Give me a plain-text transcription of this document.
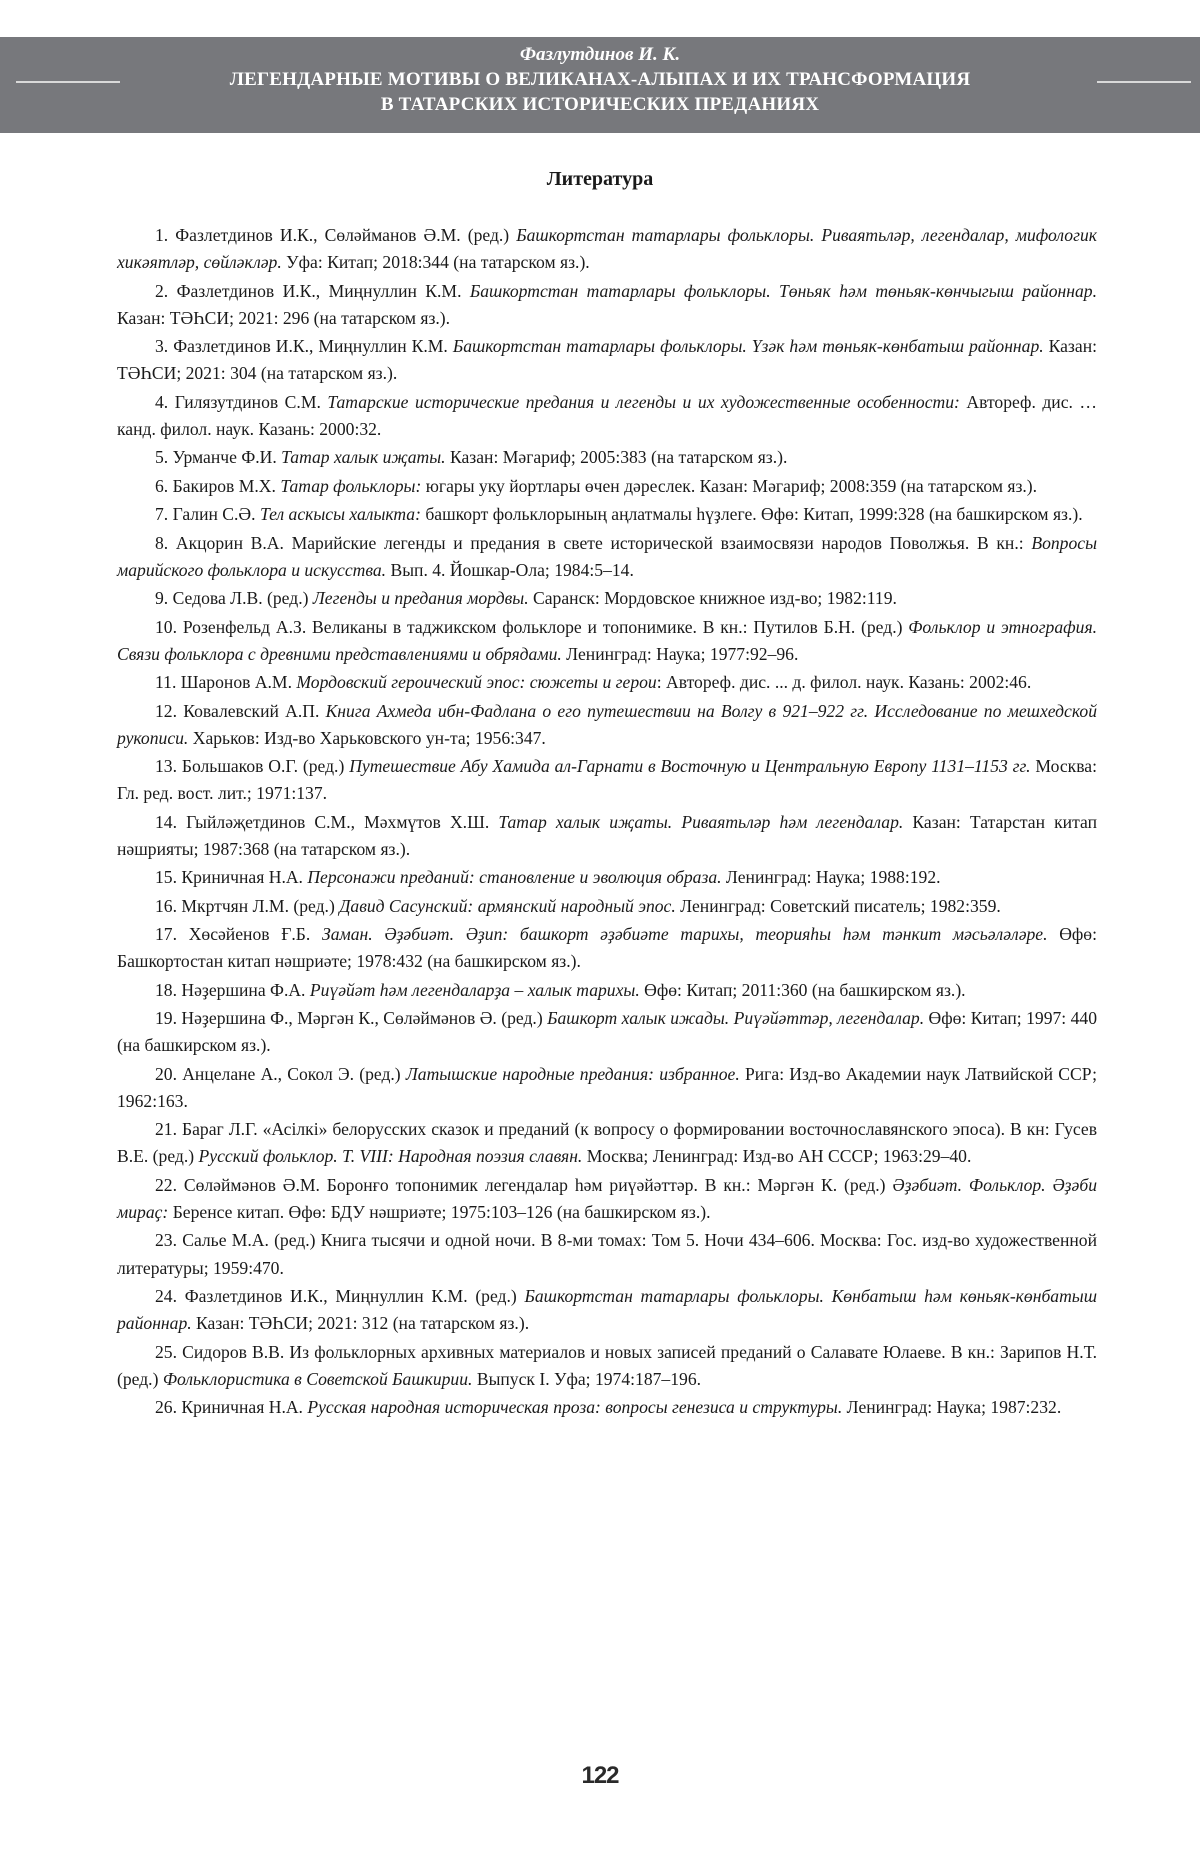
Фазлутдинов И. К.
ЛЕГЕНДАРНЫЕ МОТИВЫ О ВЕЛИКАНАХ-АЛЫПАХ И ИХ ТРАНСФОРМАЦИЯ
В ТАТАРСКИХ ИСТОРИЧЕСКИХ ПРЕДАНИЯХ
Литература

1. Фазлетдинов И.К., Сөләйманов Ә.М. (ред.) Башкортстан татарлары фольклоры. Риваятьләр, легендалар, мифологик хикәятләр, сөйләкләр. Уфа: Китап; 2018:344 (на татарском яз.).

2. Фазлетдинов И.К., Миңнуллин К.М. Башкортстан татарлары фольклоры. Төньяк һәм төньяк-көнчыгыш районнар. Казан: ТӘҺСИ; 2021: 296 (на татарском яз.).

3. Фазлетдинов И.К., Миңнуллин К.М. Башкортстан татарлары фольклоры. Үзәк һәм төньяк-көнбатыш районнар. Казан: ТӘҺСИ; 2021: 304 (на татарском яз.).

4. Гилязутдинов С.М. Татарские исторические предания и легенды и их художественные особенности: Автореф. дис. … канд. филол. наук. Казань: 2000:32.

5. Урманче Ф.И. Татар халык иҗаты. Казан: Мәгариф; 2005:383 (на татарском яз.).

6. Бакиров М.Х. Татар фольклоры: югары уку йортлары өчен дәреслек. Казан: Мәгариф; 2008:359 (на татарском яз.).

7. Галин С.Ә. Тел аскысы халыкта: башкорт фольклорының аңлатмалы һүҙлеге. Өфө: Китап, 1999:328 (на башкирском яз.).

8. Акцорин В.А. Марийские легенды и предания в свете исторической взаимосвязи народов Поволжья. В кн.: Вопросы марийского фольклора и искусства. Вып. 4. Йошкар-Ола; 1984:5–14.

9. Седова Л.В. (ред.) Легенды и предания мордвы. Саранск: Мордовское книжное изд-во; 1982:119.

10. Розенфельд А.З. Великаны в таджикском фольклоре и топонимике. В кн.: Путилов Б.Н. (ред.) Фольклор и этнография. Связи фольклора с древними представлениями и обрядами. Ленинград: Наука; 1977:92–96.

11. Шаронов А.М. Мордовский героический эпос: сюжеты и герои: Автореф. дис. ... д. филол. наук. Казань: 2002:46.

12. Ковалевский А.П. Книга Ахмеда ибн-Фадлана о его путешествии на Волгу в 921–922 гг. Исследование по мешхедской рукописи. Харьков: Изд-во Харьковского ун-та; 1956:347.

13. Большаков О.Г. (ред.) Путешествие Абу Хамида ал-Гарнати в Восточную и Центральную Европу 1131–1153 гг. Москва: Гл. ред. вост. лит.; 1971:137.

14. Гыйләҗетдинов С.М., Мәхмүтов Х.Ш. Татар халык иҗаты. Риваятьләр һәм легендалар. Казан: Татарстан китап нәшрияты; 1987:368 (на татарском яз.).

15. Криничная Н.А. Персонажи преданий: становление и эволюция образа. Ленинград: Наука; 1988:192.

16. Мкртчян Л.М. (ред.) Давид Сасунский: армянский народный эпос. Ленинград: Советский писатель; 1982:359.

17. Хөсәйенов Ғ.Б. Заман. Әҙәбиәт. Әҙип: башкорт әҙәбиәте тарихы, теорияһы һәм тәнкит мәсьәләләре. Өфө: Башкортостан китап нәшриәте; 1978:432 (на башкирском яз.).

18. Нәҙершина Ф.А. Риүәйәт һәм легендаларҙа – халык тарихы. Өфө: Китап; 2011:360 (на башкирском яз.).

19. Нәҙершина Ф., Мәргән К., Сөләймәнов Ә. (ред.) Башкорт халык ижады. Риүәйәттәр, легендалар. Өфө: Китап; 1997: 440 (на башкирском яз.).

20. Анцелане А., Сокол Э. (ред.) Латышские народные предания: избранное. Рига: Изд-во Академии наук Латвийской ССР; 1962:163.

21. Бараг Л.Г. «Асілкі» белорусских сказок и преданий (к вопросу о формировании восточнославянского эпоса). В кн: Гусев В.Е. (ред.) Русский фольклор. Т. VIII: Народная поэзия славян. Москва; Ленинград: Изд-во АН СССР; 1963:29–40.

22. Сөләймәнов Ә.М. Боронғо топонимик легендалар һәм риүәйәттәр. В кн.: Мәргән К. (ред.) Әҙәбиәт. Фольклор. Әҙәби мираҫ: Беренсе китап. Өфө: БДУ нәшриәте; 1975:103–126 (на башкирском яз.).

23. Салье М.А. (ред.) Книга тысячи и одной ночи. В 8-ми томах: Том 5. Ночи 434–606. Москва: Гос. изд-во художественной литературы; 1959:470.

24. Фазлетдинов И.К., Миңнуллин К.М. (ред.) Башкортстан татарлары фольклоры. Көнбатыш һәм көньяк-көнбатыш районнар. Казан: ТӘҺСИ; 2021: 312 (на татарском яз.).

25. Сидоров В.В. Из фольклорных архивных материалов и новых записей преданий о Салавате Юлаеве. В кн.: Зарипов Н.Т. (ред.) Фольклористика в Советской Башкирии. Выпуск I. Уфа; 1974:187–196.

26. Криничная Н.А. Русская народная историческая проза: вопросы генезиса и структуры. Ленинград: Наука; 1987:232.

122
